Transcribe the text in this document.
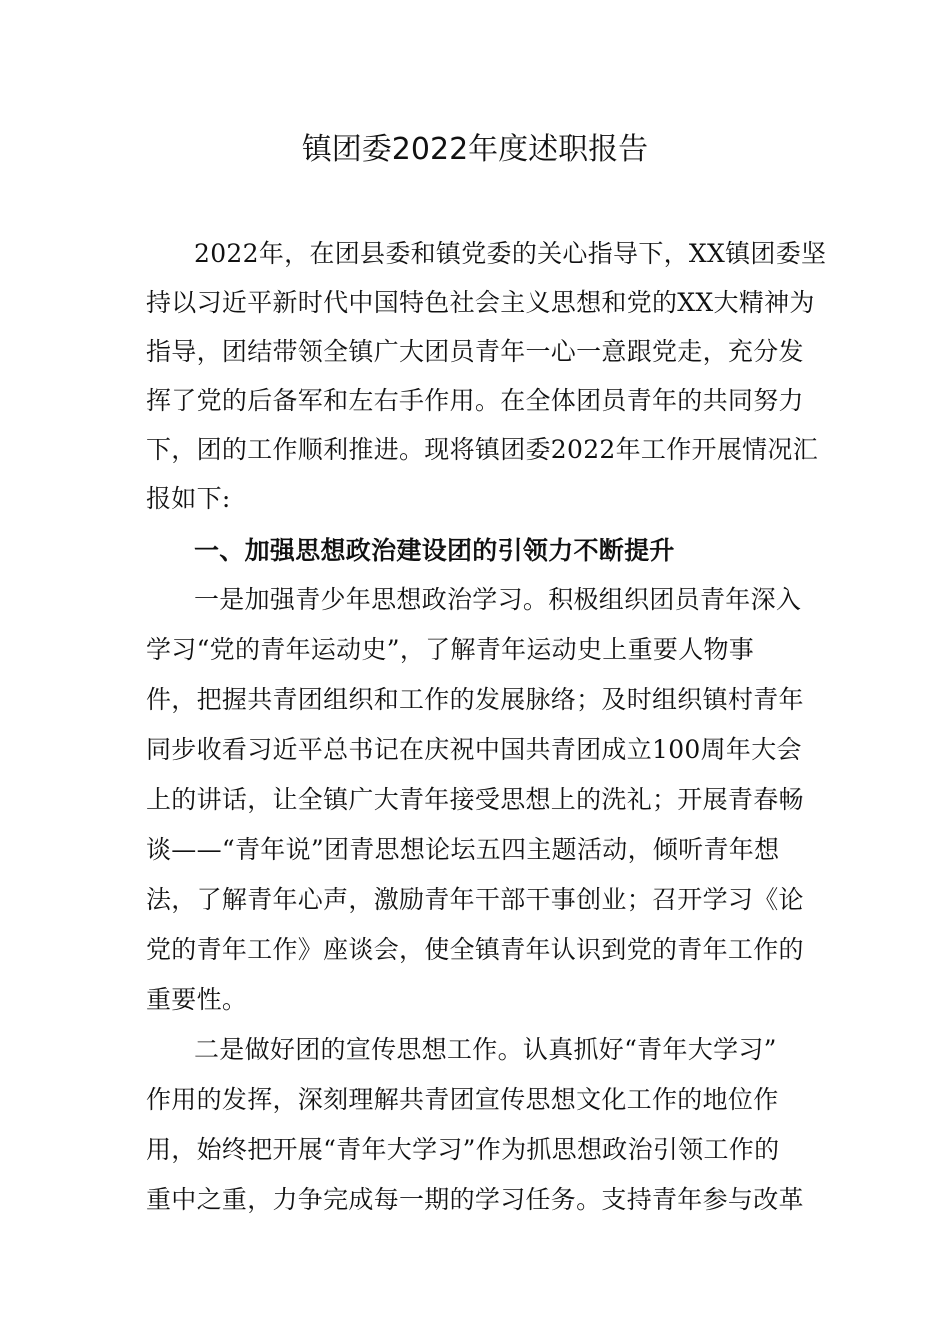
镇团委2022年度述职报告
2022年，在团县委和镇党委的关心指导下，XX镇团委坚
持以习近平新时代中国特色社会主义思想和党的XX大精神为
指导，团结带领全镇广大团员青年一心一意跟党走，充分发
挥了党的后备军和左右手作用。在全体团员青年的共同努力
下，团的工作顺利推进。现将镇团委2022年工作开展情况汇
报如下:
一、加强思想政治建设团的引领力不断提升
一是加强青少年思想政治学习。积极组织团员青年深入
学习“党的青年运动史”，了解青年运动史上重要人物事
件，把握共青团组织和工作的发展脉络；及时组织镇村青年
同步收看习近平总书记在庆祝中国共青团成立100周年大会
上的讲话，让全镇广大青年接受思想上的洗礼；开展青春畅
谈——“青年说”团青思想论坛五四主题活动，倾听青年想
法，了解青年心声，激励青年干部干事创业；召开学习《论
党的青年工作》座谈会，使全镇青年认识到党的青年工作的
重要性。
二是做好团的宣传思想工作。认真抓好“青年大学习”
作用的发挥，深刻理解共青团宣传思想文化工作的地位作
用，始终把开展“青年大学习”作为抓思想政治引领工作的
重中之重，力争完成每一期的学习任务。支持青年参与改革
